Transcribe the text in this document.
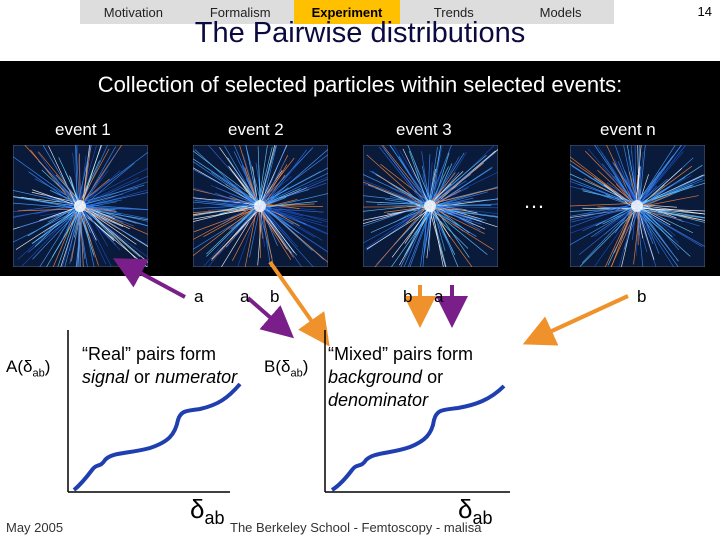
Motivation	Formalism	Experiment	Trends	Models	14
The Pairwise distributions
Collection of selected particles within selected events:
event 1	event 2	event 3	event n
…
a a b	b a	b
$A(\delta_{ab})$
“Real” pairs form
signal or numerator
$\delta_{ab}$
$B(\delta_{ab})$
“Mixed” pairs form
background or
denominator
$\delta_{ab}$
May 2005	The Berkeley School - Femtoscopy - malisa
